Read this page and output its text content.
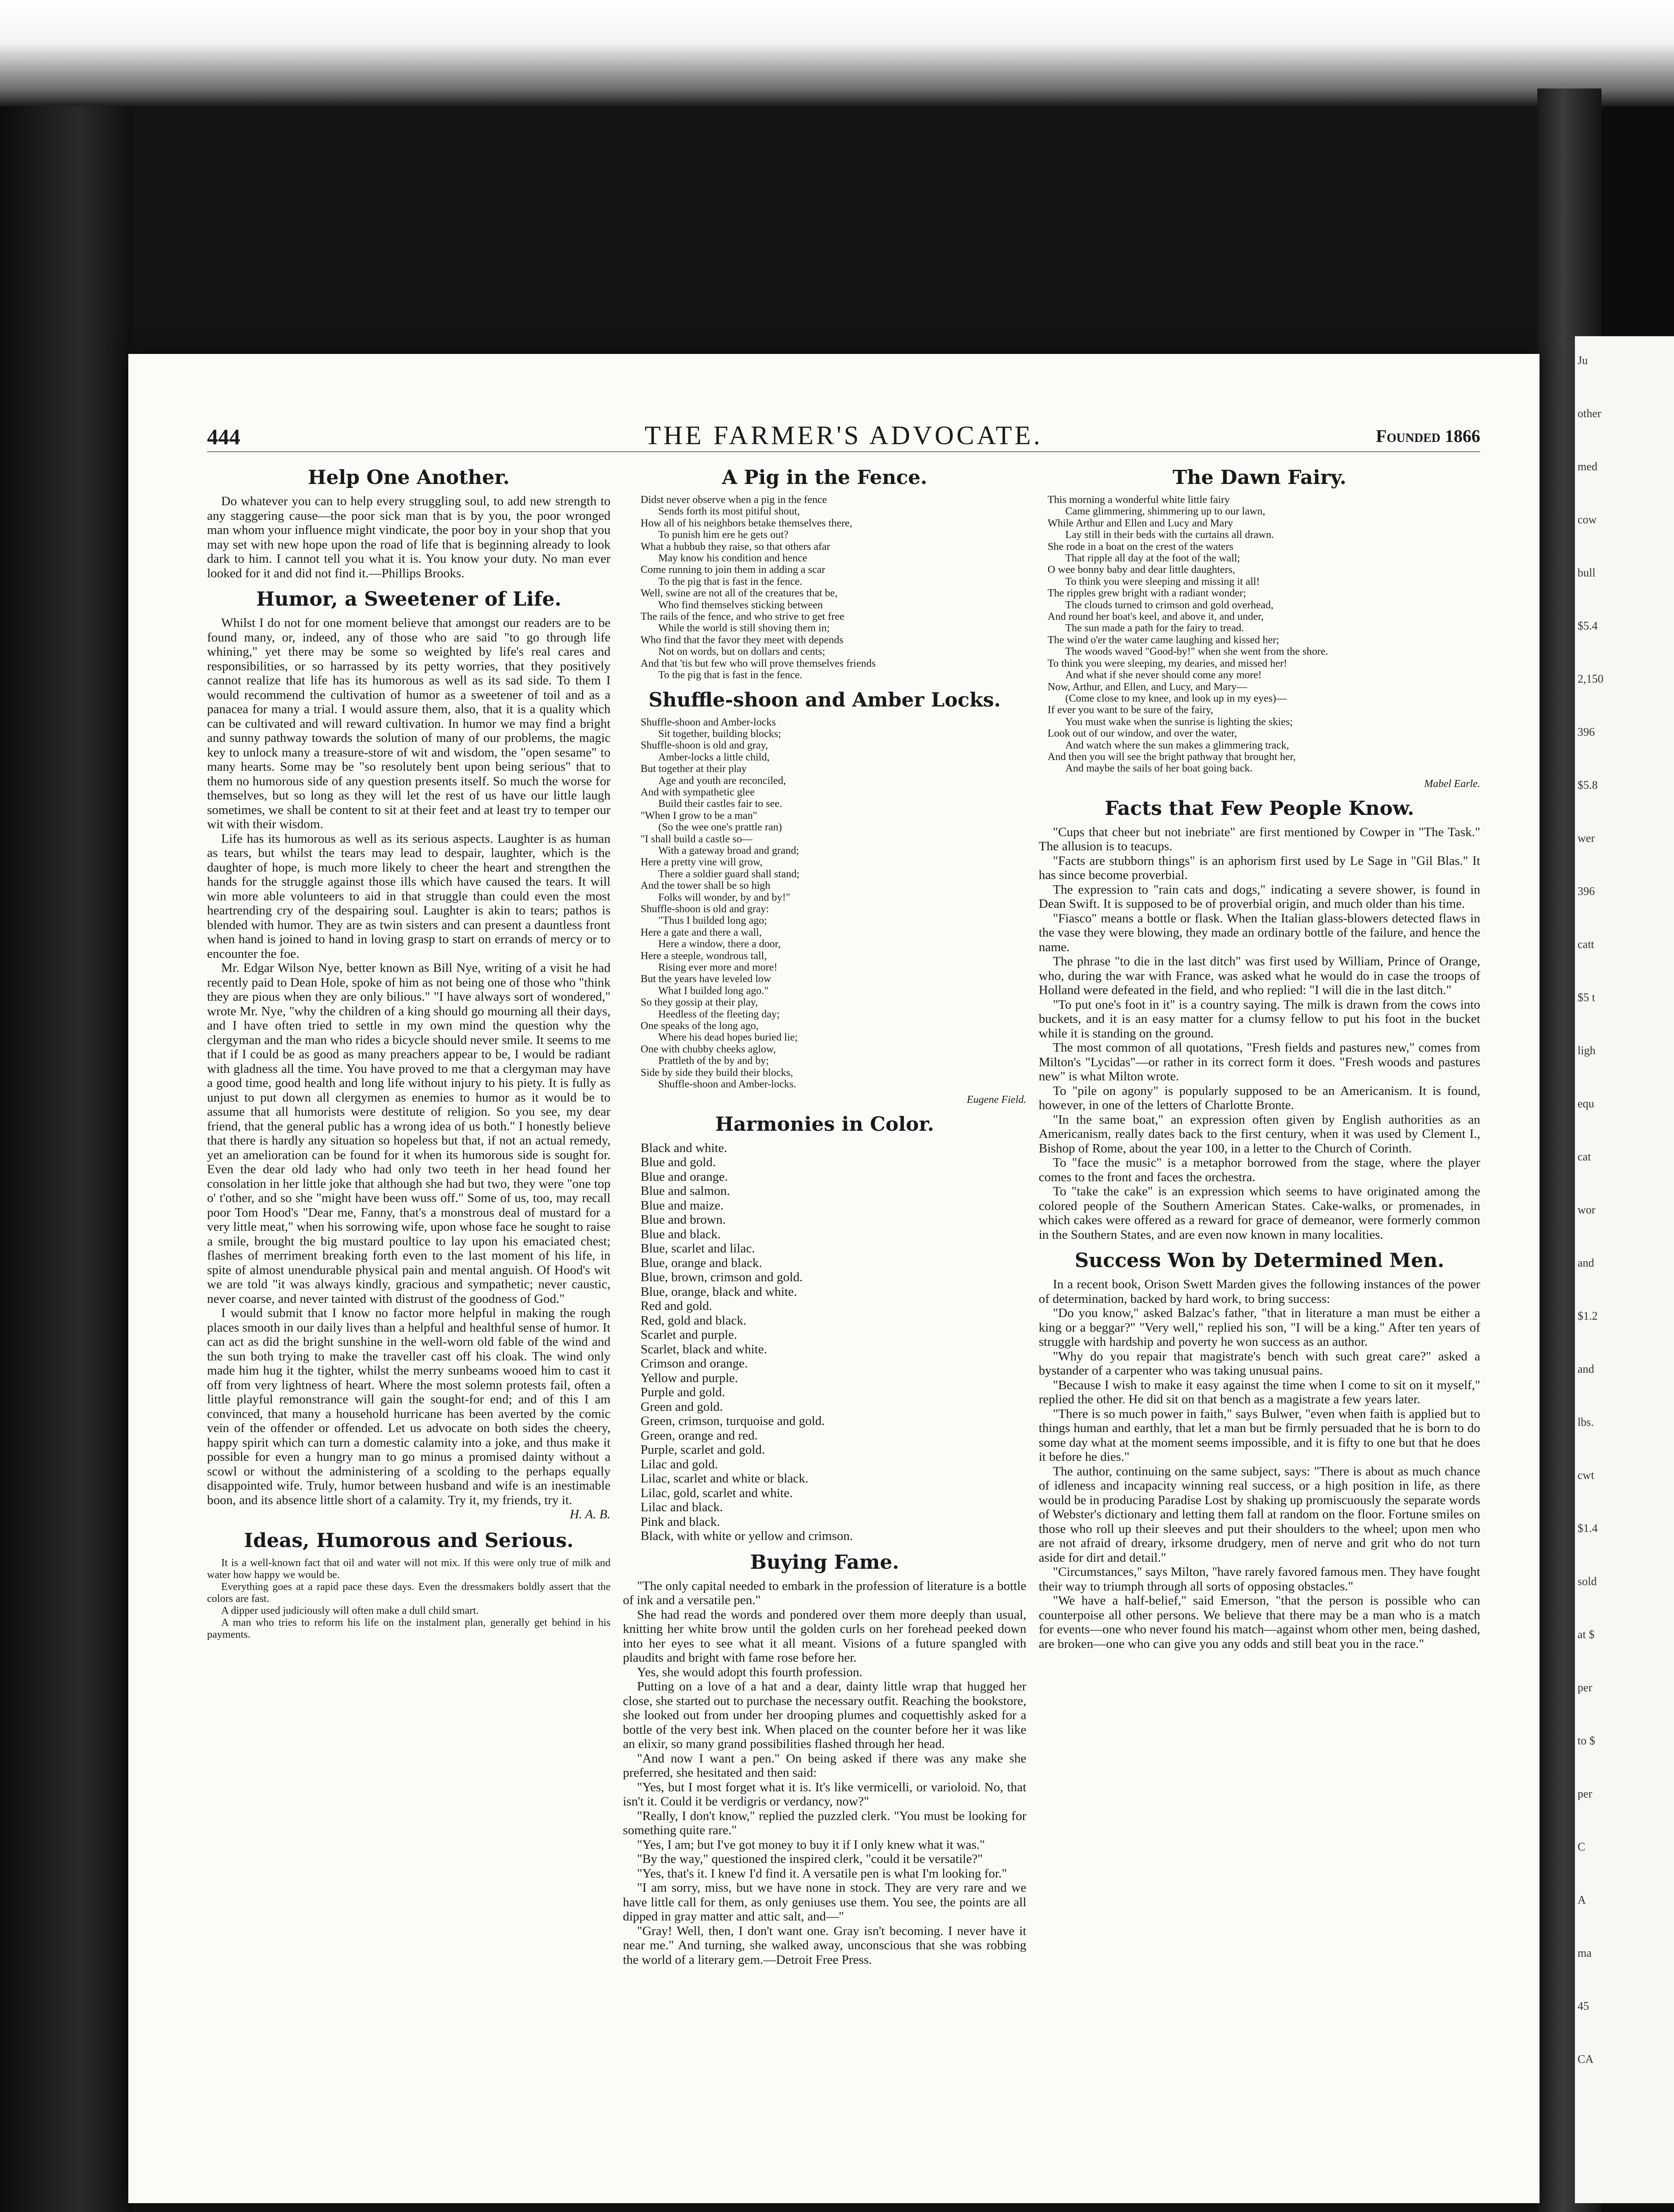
Ju
other
med
cow
bull
$5.4
2,150
396
$5.8
wer
396
catt
$5 t
ligh
equ
cat
wor
and
$1.2
and
lbs.
cwt
$1.4
sold
at $
per
to $
per
C
A
ma
45
CA
444	THE FARMER'S ADVOCATE.	Founded 1866
Help One Another.

Do whatever you can to help every struggling soul, to add new strength to any staggering cause—the poor sick man that is by you, the poor wronged man whom your influence might vindicate, the poor boy in your shop that you may set with new hope upon the road of life that is beginning already to look dark to him. I cannot tell you what it is. You know your duty. No man ever looked for it and did not find it.—Phillips Brooks.

Humor, a Sweetener of Life.

Whilst I do not for one moment believe that amongst our readers are to be found many, or, indeed, any of those who are said "to go through life whining," yet there may be some so weighted by life's real cares and responsibilities, or so harrassed by its petty worries, that they positively cannot realize that life has its humorous as well as its sad side. To them I would recommend the cultivation of humor as a sweetener of toil and as a panacea for many a trial. I would assure them, also, that it is a quality which can be cultivated and will reward cultivation. In humor we may find a bright and sunny pathway towards the solution of many of our problems, the magic key to unlock many a treasure-store of wit and wisdom, the "open sesame" to many hearts. Some may be "so resolutely bent upon being serious" that to them no humorous side of any question presents itself. So much the worse for themselves, but so long as they will let the rest of us have our little laugh sometimes, we shall be content to sit at their feet and at least try to temper our wit with their wisdom.

Life has its humorous as well as its serious aspects. Laughter is as human as tears, but whilst the tears may lead to despair, laughter, which is the daughter of hope, is much more likely to cheer the heart and strengthen the hands for the struggle against those ills which have caused the tears. It will win more able volunteers to aid in that struggle than could even the most heartrending cry of the despairing soul. Laughter is akin to tears; pathos is blended with humor. They are as twin sisters and can present a dauntless front when hand is joined to hand in loving grasp to start on errands of mercy or to encounter the foe.

Mr. Edgar Wilson Nye, better known as Bill Nye, writing of a visit he had recently paid to Dean Hole, spoke of him as not being one of those who "think they are pious when they are only bilious." "I have always sort of wondered," wrote Mr. Nye, "why the children of a king should go mourning all their days, and I have often tried to settle in my own mind the question why the clergyman and the man who rides a bicycle should never smile. It seems to me that if I could be as good as many preachers appear to be, I would be radiant with gladness all the time. You have proved to me that a clergyman may have a good time, good health and long life without injury to his piety. It is fully as unjust to put down all clergymen as enemies to humor as it would be to assume that all humorists were destitute of religion. So you see, my dear friend, that the general public has a wrong idea of us both." I honestly believe that there is hardly any situation so hopeless but that, if not an actual remedy, yet an amelioration can be found for it when its humorous side is sought for. Even the dear old lady who had only two teeth in her head found her consolation in her little joke that although she had but two, they were "one top o' t'other, and so she "might have been wuss off." Some of us, too, may recall poor Tom Hood's "Dear me, Fanny, that's a monstrous deal of mustard for a very little meat," when his sorrowing wife, upon whose face he sought to raise a smile, brought the big mustard poultice to lay upon his emaciated chest; flashes of merriment breaking forth even to the last moment of his life, in spite of almost unendurable physical pain and mental anguish. Of Hood's wit we are told "it was always kindly, gracious and sympathetic; never caustic, never coarse, and never tainted with distrust of the goodness of God."

I would submit that I know no factor more helpful in making the rough places smooth in our daily lives than a helpful and healthful sense of humor. It can act as did the bright sunshine in the well-worn old fable of the wind and the sun both trying to make the traveller cast off his cloak. The wind only made him hug it the tighter, whilst the merry sunbeams wooed him to cast it off from very lightness of heart. Where the most solemn protests fail, often a little playful remonstrance will gain the sought-for end; and of this I am convinced, that many a household hurricane has been averted by the comic vein of the offender or offended. Let us advocate on both sides the cheery, happy spirit which can turn a domestic calamity into a joke, and thus make it possible for even a hungry man to go minus a promised dainty without a scowl or without the administering of a scolding to the perhaps equally disappointed wife. Truly, humor between husband and wife is an inestimable boon, and its absence little short of a calamity. Try it, my friends, try it.

H. A. B.

Ideas, Humorous and Serious.

It is a well-known fact that oil and water will not mix. If this were only true of milk and water how happy we would be.

Everything goes at a rapid pace these days. Even the dressmakers boldly assert that the colors are fast.

A dipper used judiciously will often make a dull child smart.

A man who tries to reform his life on the instalment plan, generally get behind in his payments.

A Pig in the Fence.
Didst never observe when a pig in the fence
Sends forth its most pitiful shout,
How all of his neighbors betake themselves there,
To punish him ere he gets out?
What a hubbub they raise, so that others afar
May know his condition and hence
Come running to join them in adding a scar
To the pig that is fast in the fence.
Well, swine are not all of the creatures that be,
Who find themselves sticking between
The rails of the fence, and who strive to get free
While the world is still shoving them in;
Who find that the favor they meet with depends
Not on words, but on dollars and cents;
And that 'tis but few who will prove themselves friends
To the pig that is fast in the fence.
Shuffle-shoon and Amber Locks.
Shuffle-shoon and Amber-locks
Sit together, building blocks;
Shuffle-shoon is old and gray,
Amber-locks a little child,
But together at their play
Age and youth are reconciled,
And with sympathetic glee
Build their castles fair to see.
"When I grow to be a man"
(So the wee one's prattle ran)
"I shall build a castle so—
With a gateway broad and grand;
Here a pretty vine will grow,
There a soldier guard shall stand;
And the tower shall be so high
Folks will wonder, by and by!"
Shuffle-shoon is old and gray:
"Thus I builded long ago;
Here a gate and there a wall,
Here a window, there a door,
Here a steeple, wondrous tall,
Rising ever more and more!
But the years have leveled low
What I builded long ago."
So they gossip at their play,
Heedless of the fleeting day;
One speaks of the long ago,
Where his dead hopes buried lie;
One with chubby cheeks aglow,
Prattleth of the by and by;
Side by side they build their blocks,
Shuffle-shoon and Amber-locks.

Eugene Field.

Harmonies in Color.
Black and white.
Blue and gold.
Blue and orange.
Blue and salmon.
Blue and maize.
Blue and brown.
Blue and black.
Blue, scarlet and lilac.
Blue, orange and black.
Blue, brown, crimson and gold.
Blue, orange, black and white.
Red and gold.
Red, gold and black.
Scarlet and purple.
Scarlet, black and white.
Crimson and orange.
Yellow and purple.
Purple and gold.
Green and gold.
Green, crimson, turquoise and gold.
Green, orange and red.
Purple, scarlet and gold.
Lilac and gold.
Lilac, scarlet and white or black.
Lilac, gold, scarlet and white.
Lilac and black.
Pink and black.
Black, with white or yellow and crimson.
Buying Fame.

"The only capital needed to embark in the profession of literature is a bottle of ink and a versatile pen."

She had read the words and pondered over them more deeply than usual, knitting her white brow until the golden curls on her forehead peeked down into her eyes to see what it all meant. Visions of a future spangled with plaudits and bright with fame rose before her.

Yes, she would adopt this fourth profession.

Putting on a love of a hat and a dear, dainty little wrap that hugged her close, she started out to purchase the necessary outfit. Reaching the bookstore, she looked out from under her drooping plumes and coquettishly asked for a bottle of the very best ink. When placed on the counter before her it was like an elixir, so many grand possibilities flashed through her head.

"And now I want a pen." On being asked if there was any make she preferred, she hesitated and then said:

"Yes, but I most forget what it is. It's like vermicelli, or varioloid. No, that isn't it. Could it be verdigris or verdancy, now?"

"Really, I don't know," replied the puzzled clerk. "You must be looking for something quite rare."

"Yes, I am; but I've got money to buy it if I only knew what it was."

"By the way," questioned the inspired clerk, "could it be versatile?"

"Yes, that's it. I knew I'd find it. A versatile pen is what I'm looking for."

"I am sorry, miss, but we have none in stock. They are very rare and we have little call for them, as only geniuses use them. You see, the points are all dipped in gray matter and attic salt, and—"

"Gray! Well, then, I don't want one. Gray isn't becoming. I never have it near me." And turning, she walked away, unconscious that she was robbing the world of a literary gem.—Detroit Free Press.

The Dawn Fairy.
This morning a wonderful white little fairy
Came glimmering, shimmering up to our lawn,
While Arthur and Ellen and Lucy and Mary
Lay still in their beds with the curtains all drawn.
She rode in a boat on the crest of the waters
That ripple all day at the foot of the wall;
O wee bonny baby and dear little daughters,
To think you were sleeping and missing it all!
The ripples grew bright with a radiant wonder;
The clouds turned to crimson and gold overhead,
And round her boat's keel, and above it, and under,
The sun made a path for the fairy to tread.
The wind o'er the water came laughing and kissed her;
The woods waved "Good-by!" when she went from the shore.
To think you were sleeping, my dearies, and missed her!
And what if she never should come any more!
Now, Arthur, and Ellen, and Lucy, and Mary—
(Come close to my knee, and look up in my eyes)—
If ever you want to be sure of the fairy,
You must wake when the sunrise is lighting the skies;
Look out of our window, and over the water,
And watch where the sun makes a glimmering track,
And then you will see the bright pathway that brought her,
And maybe the sails of her boat going back.

Mabel Earle.

Facts that Few People Know.

"Cups that cheer but not inebriate" are first mentioned by Cowper in "The Task." The allusion is to teacups.

"Facts are stubborn things" is an aphorism first used by Le Sage in "Gil Blas." It has since become proverbial.

The expression to "rain cats and dogs," indicating a severe shower, is found in Dean Swift. It is supposed to be of proverbial origin, and much older than his time.

"Fiasco" means a bottle or flask. When the Italian glass-blowers detected flaws in the vase they were blowing, they made an ordinary bottle of the failure, and hence the name.

The phrase "to die in the last ditch" was first used by William, Prince of Orange, who, during the war with France, was asked what he would do in case the troops of Holland were defeated in the field, and who replied: "I will die in the last ditch."

"To put one's foot in it" is a country saying. The milk is drawn from the cows into buckets, and it is an easy matter for a clumsy fellow to put his foot in the bucket while it is standing on the ground.

The most common of all quotations, "Fresh fields and pastures new," comes from Milton's "Lycidas"—or rather in its correct form it does. "Fresh woods and pastures new" is what Milton wrote.

To "pile on agony" is popularly supposed to be an Americanism. It is found, however, in one of the letters of Charlotte Bronte.

"In the same boat," an expression often given by English authorities as an Americanism, really dates back to the first century, when it was used by Clement I., Bishop of Rome, about the year 100, in a letter to the Church of Corinth.

To "face the music" is a metaphor borrowed from the stage, where the player comes to the front and faces the orchestra.

To "take the cake" is an expression which seems to have originated among the colored people of the Southern American States. Cake-walks, or promenades, in which cakes were offered as a reward for grace of demeanor, were formerly common in the Southern States, and are even now known in many localities.

Success Won by Determined Men.

In a recent book, Orison Swett Marden gives the following instances of the power of determination, backed by hard work, to bring success:

"Do you know," asked Balzac's father, "that in literature a man must be either a king or a beggar?" "Very well," replied his son, "I will be a king." After ten years of struggle with hardship and poverty he won success as an author.

"Why do you repair that magistrate's bench with such great care?" asked a bystander of a carpenter who was taking unusual pains.

"Because I wish to make it easy against the time when I come to sit on it myself," replied the other. He did sit on that bench as a magistrate a few years later.

"There is so much power in faith," says Bulwer, "even when faith is applied but to things human and earthly, that let a man but be firmly persuaded that he is born to do some day what at the moment seems impossible, and it is fifty to one but that he does it before he dies."

The author, continuing on the same subject, says: "There is about as much chance of idleness and incapacity winning real success, or a high position in life, as there would be in producing Paradise Lost by shaking up promiscuously the separate words of Webster's dictionary and letting them fall at random on the floor. Fortune smiles on those who roll up their sleeves and put their shoulders to the wheel; upon men who are not afraid of dreary, irksome drudgery, men of nerve and grit who do not turn aside for dirt and detail."

"Circumstances," says Milton, "have rarely favored famous men. They have fought their way to triumph through all sorts of opposing obstacles."

"We have a half-belief," said Emerson, "that the person is possible who can counterpoise all other persons. We believe that there may be a man who is a match for events—one who never found his match—against whom other men, being dashed, are broken—one who can give you any odds and still beat you in the race."
